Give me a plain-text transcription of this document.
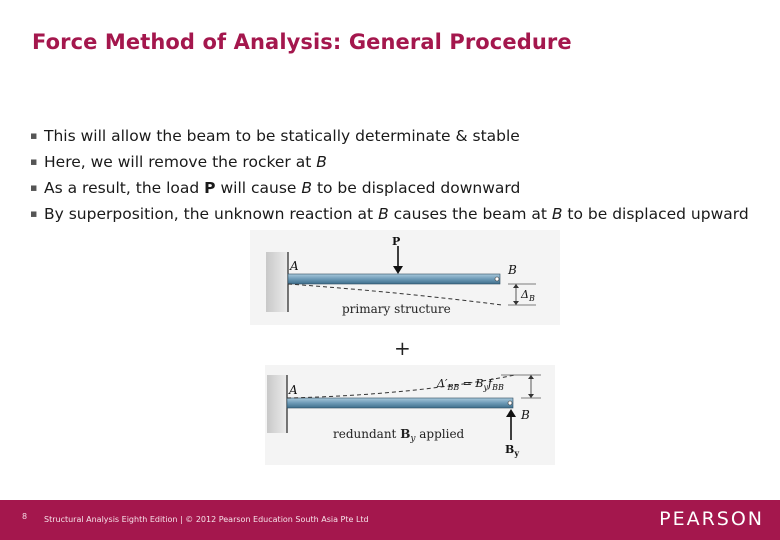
Force Method of Analysis: General Procedure
▪ This will allow the beam to be statically determinate & stable
▪ Here, we will remove the rocker at B
▪ As a result, the load P will cause B to be displaced downward
▪ By superposition, the unknown reaction at B causes the beam at B to be displaced upward
P
A	B
$\Delta_B$
primary structure
+
A
B
$\Delta'_{BB} = B_yf_{BB}$
$B_y$
redundant $B_y$ applied
8 Structural Analysis Eighth Edition | © 2012 Pearson Education South Asia Pte Ltd	PEARSON
